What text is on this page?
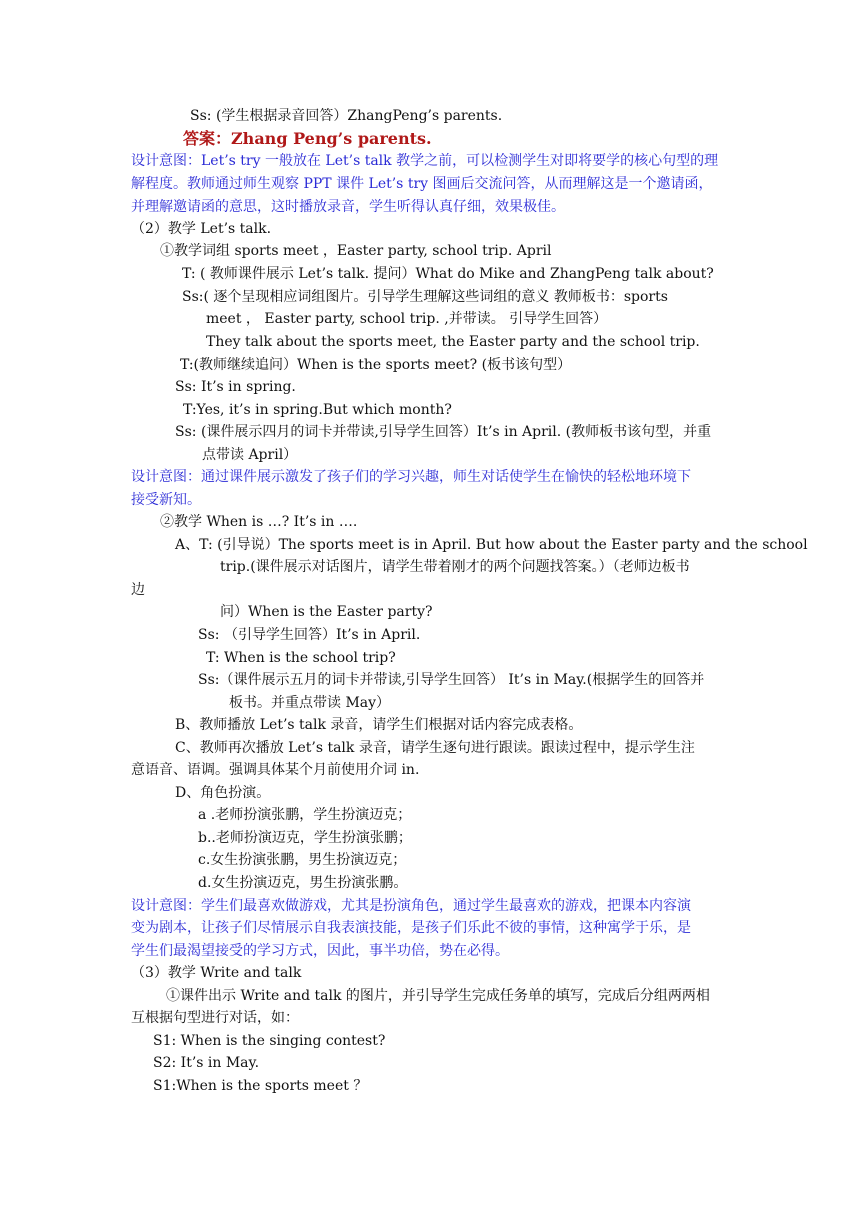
Ss: (学生根据录音回答）ZhangPeng’s parents.
答案：Zhang Peng’s parents.
设计意图：Let’s try 一般放在 Let’s talk 教学之前，可以检测学生对即将要学的核心句型的理
解程度。教师通过师生观察 PPT 课件 Let’s try 图画后交流问答，从而理解这是一个邀请函，
并理解邀请函的意思，这时播放录音，学生听得认真仔细，效果极佳。
（2）教学 Let’s talk.
①教学词组 sports meet ，Easter party, school trip. April
T: ( 教师课件展示 Let’s talk. 提问）What do Mike and ZhangPeng talk about?
Ss:( 逐个呈现相应词组图片。引导学生理解这些词组的意义 教师板书：sports
meet ， Easter party, school trip. ,并带读。 引导学生回答）
They talk about the sports meet, the Easter party and the school trip.
T:(教师继续追问）When is the sports meet? (板书该句型）
Ss: It’s in spring.
T:Yes, it’s in spring.But which month?
Ss: (课件展示四月的词卡并带读,引导学生回答）It’s in April. (教师板书该句型，并重
点带读 April）
设计意图：通过课件展示激发了孩子们的学习兴趣，师生对话使学生在愉快的轻松地环境下
接受新知。
②教学 When is …? It’s in ….
A、T: (引导说）The sports meet is in April. But how about the Easter party and the school
trip.(课件展示对话图片，请学生带着刚才的两个问题找答案。）（老师边板书
边
问）When is the Easter party?
Ss: （引导学生回答）It’s in April.
T: When is the school trip?
Ss:（课件展示五月的词卡并带读,引导学生回答） It’s in May.(根据学生的回答并
板书。并重点带读 May）
B、教师播放 Let’s talk 录音，请学生们根据对话内容完成表格。
C、教师再次播放 Let’s talk 录音，请学生逐句进行跟读。跟读过程中，提示学生注
意语音、语调。强调具体某个月前使用介词 in.
D、角色扮演。
a .老师扮演张鹏，学生扮演迈克；
b..老师扮演迈克，学生扮演张鹏；
c.女生扮演张鹏，男生扮演迈克；
d.女生扮演迈克，男生扮演张鹏。
设计意图：学生们最喜欢做游戏，尤其是扮演角色，通过学生最喜欢的游戏，把课本内容演
变为剧本，让孩子们尽情展示自我表演技能，是孩子们乐此不彼的事情，这种寓学于乐，是
学生们最渴望接受的学习方式，因此，事半功倍，势在必得。
（3）教学 Write and talk
①课件出示 Write and talk 的图片，并引导学生完成任务单的填写，完成后分组两两相
互根据句型进行对话，如：
S1: When is the singing contest?
S2: It’s in May.
S1:When is the sports meet ？
